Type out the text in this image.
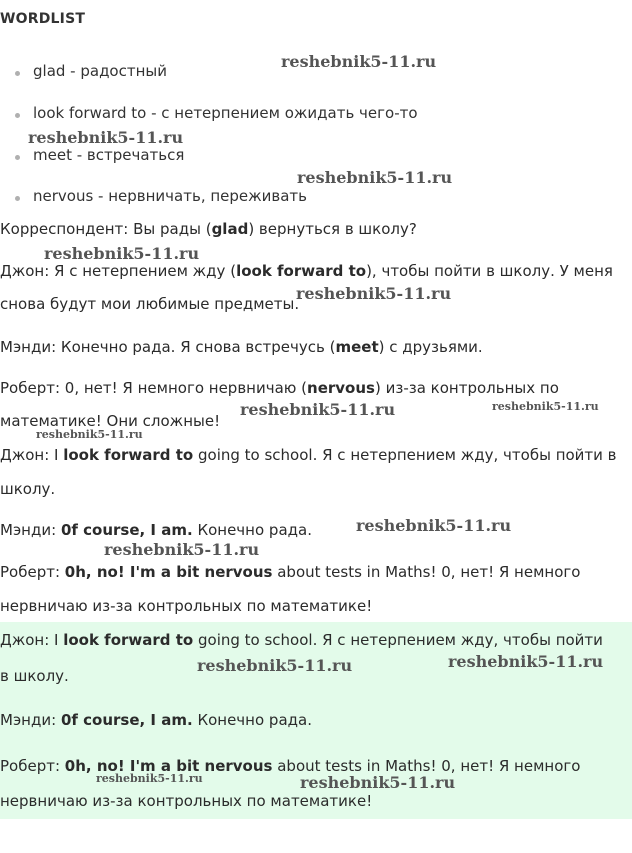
WORDLIST
glad - радостный
look forward to - с нетерпением ожидать чего-то
meet - встречаться
nervous - нервничать, переживать
Корреспондент: Вы рады (glad) вернуться в школу?
Джон: Я с нетерпением жду (look forward to), чтобы пойти в школу. У меня
снова будут мои любимые предметы.
Мэнди: Конечно рада. Я снова встречусь (meet) с друзьями.
Роберт: 0, нет! Я немного нервничаю (nervous) из-за контрольных по
математике! Они сложные!
Джон: I look forward to going to school. Я с нетерпением жду, чтобы пойти в
школу.
Мэнди: 0f course, I am. Конечно рада.
Роберт: 0h, no! I'm a bit nervous about tests in Maths! 0, нет! Я немного
нервничаю из-за контрольных по математике!
Джон: I look forward to going to school. Я с нетерпением жду, чтобы пойти
в школу.
Мэнди: 0f course, I am. Конечно рада.
Роберт: 0h, no! I'm a bit nervous about tests in Maths! 0, нет! Я немного
нервничаю из-за контрольных по математике!
reshebnik5-11.ru
reshebnik5-11.ru
reshebnik5-11.ru
reshebnik5-11.ru
reshebnik5-11.ru
reshebnik5-11.ru	reshebnik5-11.ru
reshebnik5-11.ru
reshebnik5-11.ru
reshebnik5-11.ru
reshebnik5-11.ru	reshebnik5-11.ru
reshebnik5-11.ru	reshebnik5-11.ru
